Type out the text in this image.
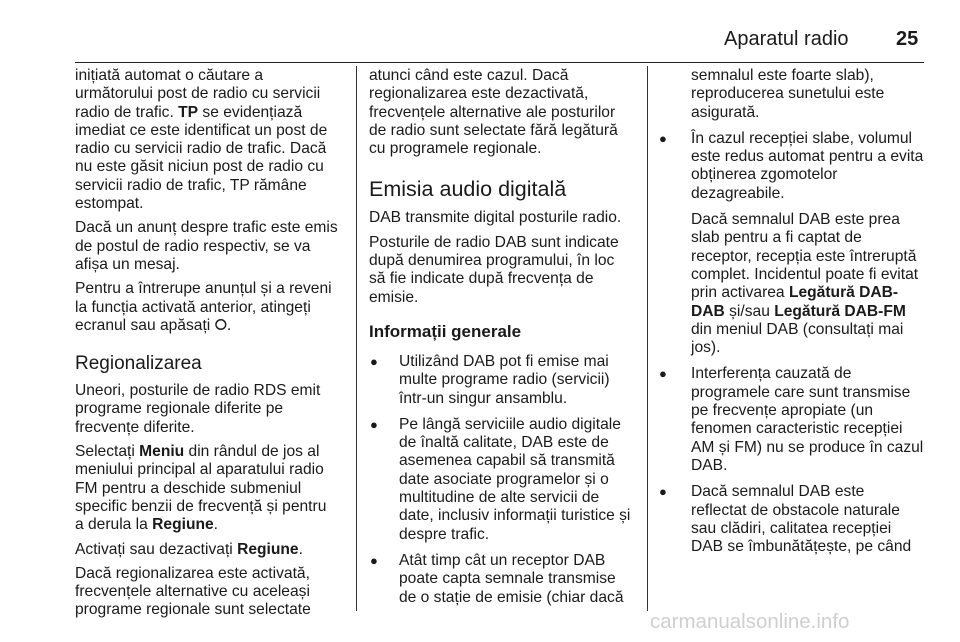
Aparatul radio 25

inițiată automat o căutare a
următorului post de radio cu servicii
radio de trafic. TP se evidențiază
imediat ce este identificat un post de
radio cu servicii radio de trafic. Dacă
nu este găsit niciun post de radio cu
servicii radio de trafic, TP rămâne
estompat.

Dacă un anunț despre trafic este emis
de postul de radio respectiv, se va
afișa un mesaj.

Pentru a întrerupe anunțul și a reveni
la funcția activată anterior, atingeți
ecranul sau apăsați ⭘.

Regionalizarea

Uneori, posturile de radio RDS emit
programe regionale diferite pe
frecvențe diferite.

Selectați Meniu din rândul de jos al
meniului principal al aparatului radio
FM pentru a deschide submeniul
specific benzii de frecvență și pentru
a derula la Regiune.

Activați sau dezactivați Regiune.

Dacă regionalizarea este activată,
frecvențele alternative cu aceleași
programe regionale sunt selectate

atunci când este cazul. Dacă
regionalizarea este dezactivată,
frecvențele alternative ale posturilor
de radio sunt selectate fără legătură
cu programele regionale.

Emisia audio digitală

DAB transmite digital posturile radio.

Posturile de radio DAB sunt indicate
după denumirea programului, în loc
să fie indicate după frecvența de
emisie.

Informații generale
● Utilizând DAB pot fi emise mai
multe programe radio (servicii)
într-un singur ansamblu.
● Pe lângă serviciile audio digitale
de înaltă calitate, DAB este de
asemenea capabil să transmită
date asociate programelor și o
multitudine de alte servicii de
date, inclusiv informații turistice și
despre trafic.
● Atât timp cât un receptor DAB
poate capta semnale transmise
de o stație de emisie (chiar dacă
semnalul este foarte slab),
reproducerea sunetului este
asigurată.
● În cazul recepției slabe, volumul
este redus automat pentru a evita
obținerea zgomotelor
dezagreabile.
Dacă semnalul DAB este prea
slab pentru a fi captat de
receptor, recepția este întreruptă
complet. Incidentul poate fi evitat
prin activarea Legătură DAB-
DAB și/sau Legătură DAB-FM
din meniul DAB (consultați mai
jos).
● Interferența cauzată de
programele care sunt transmise
pe frecvențe apropiate (un
fenomen caracteristic recepției
AM și FM) nu se produce în cazul
DAB.
● Dacă semnalul DAB este
reflectat de obstacole naturale
sau clădiri, calitatea recepției
DAB se îmbunătățește, pe când
carmanualsonline.info
